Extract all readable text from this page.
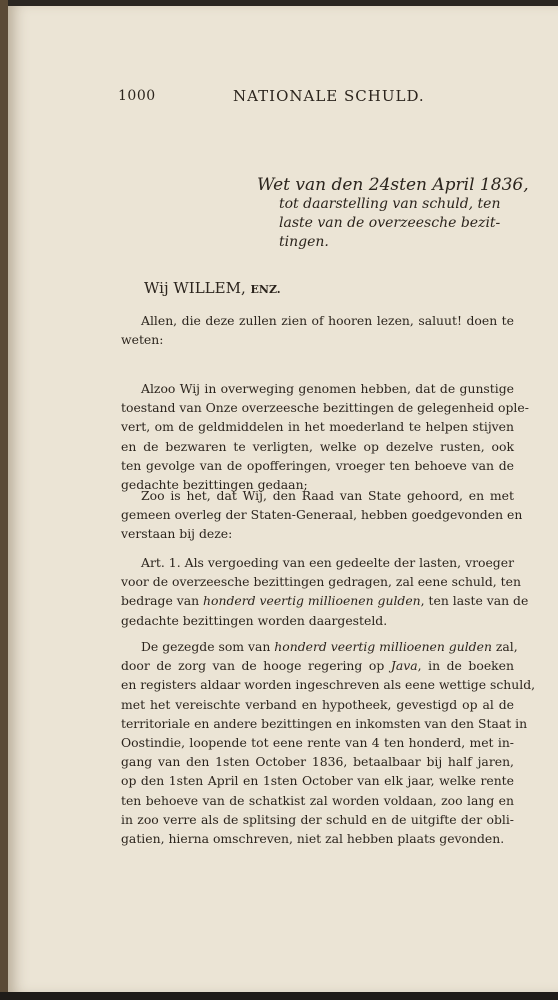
1000	NATIONALE SCHULD.
Wet van den 24sten April 1836,
tot daarstelling van schuld, ten
laste van de overzeesche bezit-
tingen.
Wij WILLEM, ENZ.
Allen, die deze zullen zien of hooren lezen, saluut! doen te
weten:
Alzoo Wij in overweging genomen hebben, dat de gunstige
toestand van Onze overzeesche bezittingen de gelegenheid ople-
vert, om de geldmiddelen in het moederland te helpen stijven
en de bezwaren te verligten, welke op dezelve rusten, ook
ten gevolge van de opofferingen, vroeger ten behoeve van de
gedachte bezittingen gedaan;
Zoo is het, dat Wij, den Raad van State gehoord, en met
gemeen overleg der Staten-Generaal, hebben goedgevonden en
verstaan bij deze:
Art. 1. Als vergoeding van een gedeelte der lasten, vroeger
voor de overzeesche bezittingen gedragen, zal eene schuld, ten
bedrage van honderd veertig millioenen gulden, ten laste van de
gedachte bezittingen worden daargesteld.
De gezegde som van honderd veertig millioenen gulden zal,
door de zorg van de hooge regering op Java, in de boeken
en registers aldaar worden ingeschreven als eene wettige schuld,
met het vereischte verband en hypotheek, gevestigd op al de
territoriale en andere bezittingen en inkomsten van den Staat in
Oostindie, loopende tot eene rente van 4 ten honderd, met in-
gang van den 1sten October 1836, betaalbaar bij half jaren,
op den 1sten April en 1sten October van elk jaar, welke rente
ten behoeve van de schatkist zal worden voldaan, zoo lang en
in zoo verre als de splitsing der schuld en de uitgifte der obli-
gatien, hierna omschreven, niet zal hebben plaats gevonden.
